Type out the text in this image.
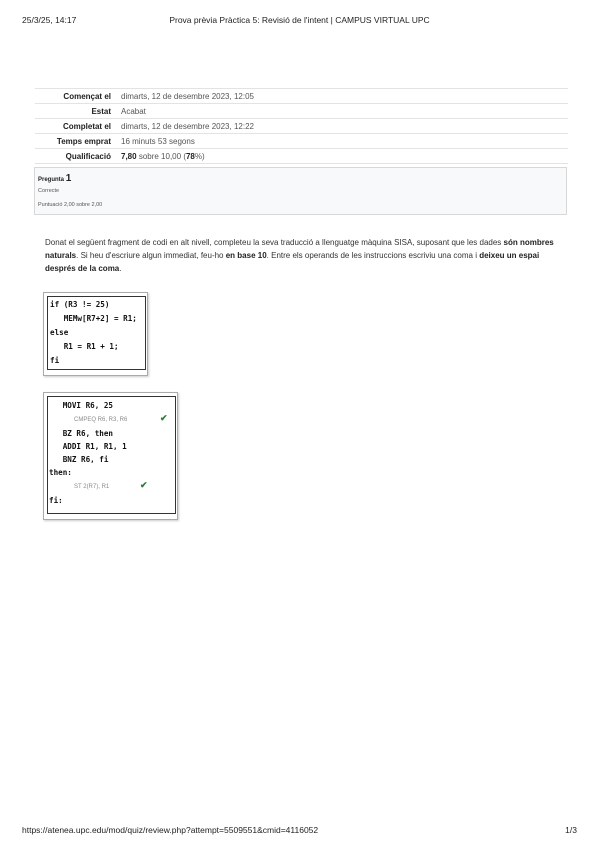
25/3/25, 14:17	Prova prèvia Pràctica 5: Revisió de l'intent | CAMPUS VIRTUAL UPC
Començat el	dimarts, 12 de desembre 2023, 12:05
Estat	Acabat
Completat el	dimarts, 12 de desembre 2023, 12:22
Temps emprat	16 minuts 53 segons
Qualificació	7,80 sobre 10,00 (78%)
Pregunta 1
Correcte
Puntuació 2,00 sobre 2,00
Donat el següent fragment de codi en alt nivell, completeu la seva traducció a llenguatge màquina SISA, suposant que les dades són nombres naturals. Si heu d'escriure algun immediat, feu-ho en base 10. Entre els operands de les instruccions escriviu una coma i deixeu un espai després de la coma.
if (R3 != 25)
MEMw[R7+2] = R1;
else
R1 = R1 + 1;
fi
MOVI R6, 25
CMPEQ R6, R3, R6	✔
BZ R6, then
ADDI R1, R1, 1
BNZ R6, fi
then:
ST 2(R7), R1	✔
fi:
https://atenea.upc.edu/mod/quiz/review.php?attempt=5509551&cmid=4116052	1/3
